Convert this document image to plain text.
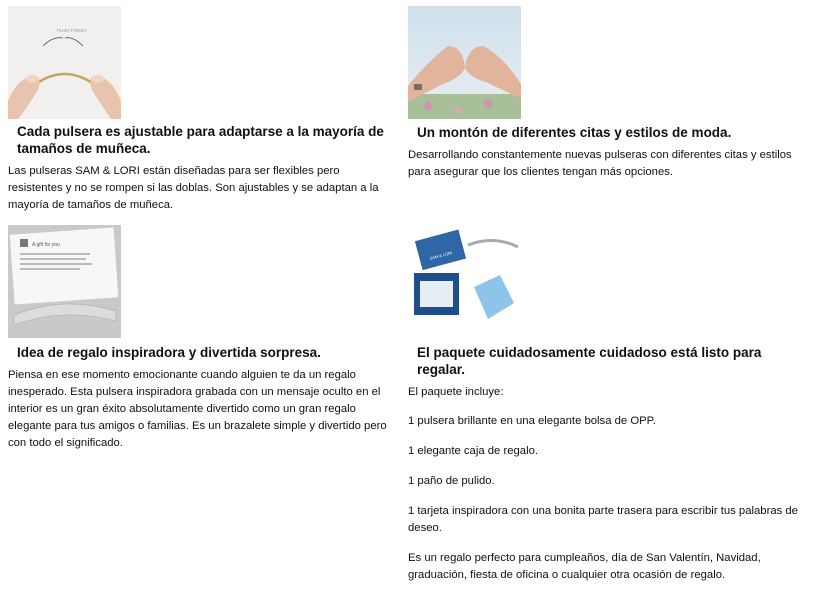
PUSH FIRMLY
Cada pulsera es ajustable para adaptarse a la mayoría de tamaños de muñeca.

Las pulseras SAM & LORI están diseñadas para ser flexibles pero resistentes y no se rompen si las doblas. Son ajustables y se adaptan a la mayoría de tamaños de muñeca.

Un montón de diferentes citas y estilos de moda.

Desarrollando constantemente nuevas pulseras con diferentes citas y estilos para asegurar que los clientes tengan más opciones.

A gift for you
Idea de regalo inspiradora y divertida sorpresa.

Piensa en ese momento emocionante cuando alguien te da un regalo inesperado. Esta pulsera inspiradora grabada con un mensaje oculto en el interior es un gran éxito absolutamente divertido como un gran regalo elegante para tus amigos o familias. Es un brazalete simple y divertido pero con todo el significado.

SAM & LORI
El paquete cuidadosamente cuidadoso está listo para regalar.

El paquete incluye:

1 pulsera brillante en una elegante bolsa de OPP.

1 elegante caja de regalo.

1 paño de pulido.

1 tarjeta inspiradora con una bonita parte trasera para escribir tus palabras de deseo.

Es un regalo perfecto para cumpleaños, día de San Valentín, Navidad, graduación, fiesta de oficina o cualquier otra ocasión de regalo.
